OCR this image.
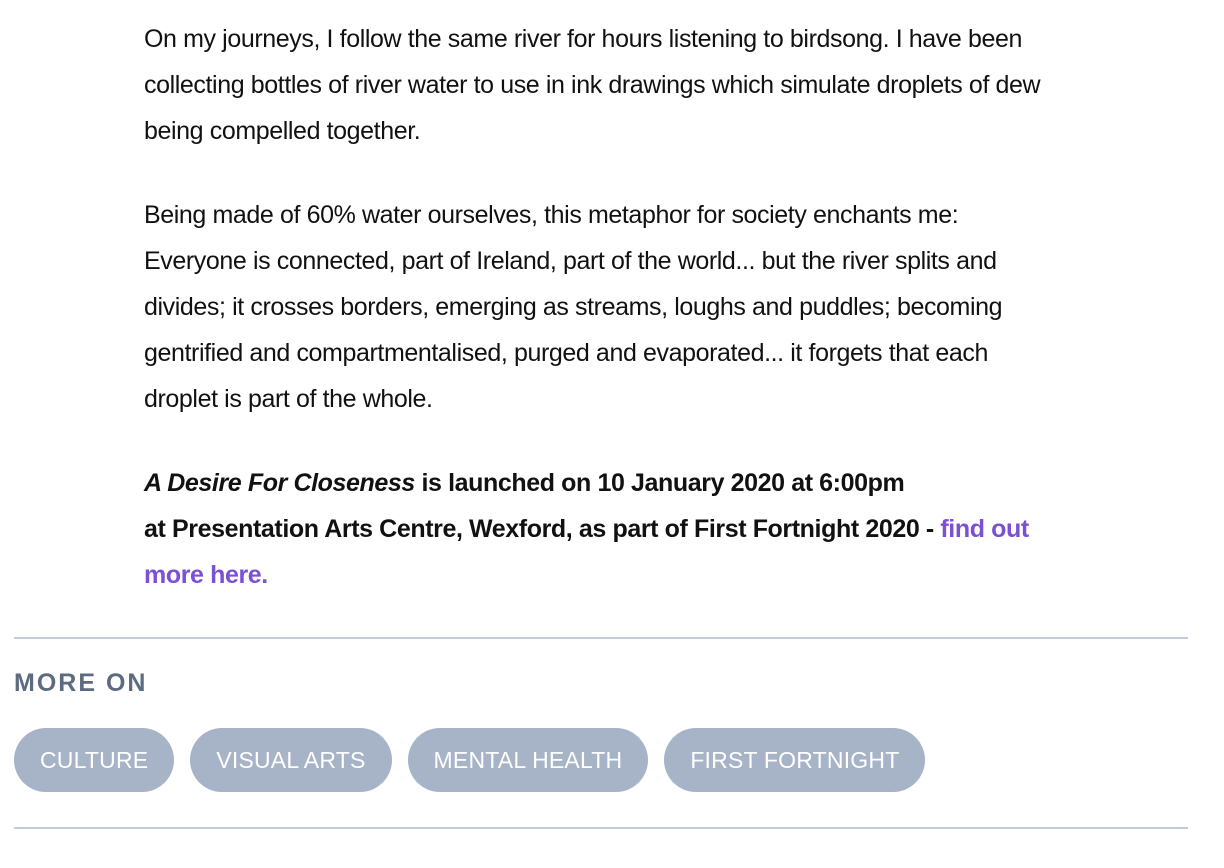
On my journeys, I follow the same river for hours listening to birdsong. I have been collecting bottles of river water to use in ink drawings which simulate droplets of dew being compelled together.

Being made of 60% water ourselves, this metaphor for society enchants me: Everyone is connected, part of Ireland, part of the world... but the river splits and divides; it crosses borders, emerging as streams, loughs and puddles; becoming gentrified and compartmentalised, purged and evaporated... it forgets that each droplet is part of the whole.

A Desire For Closeness is launched on 10 January 2020 at 6:00pm
at Presentation Arts Centre, Wexford, as part of First Fortnight 2020 - find out more here.

MORE ON
CULTURE	VISUAL ARTS	MENTAL HEALTH	FIRST FORTNIGHT
